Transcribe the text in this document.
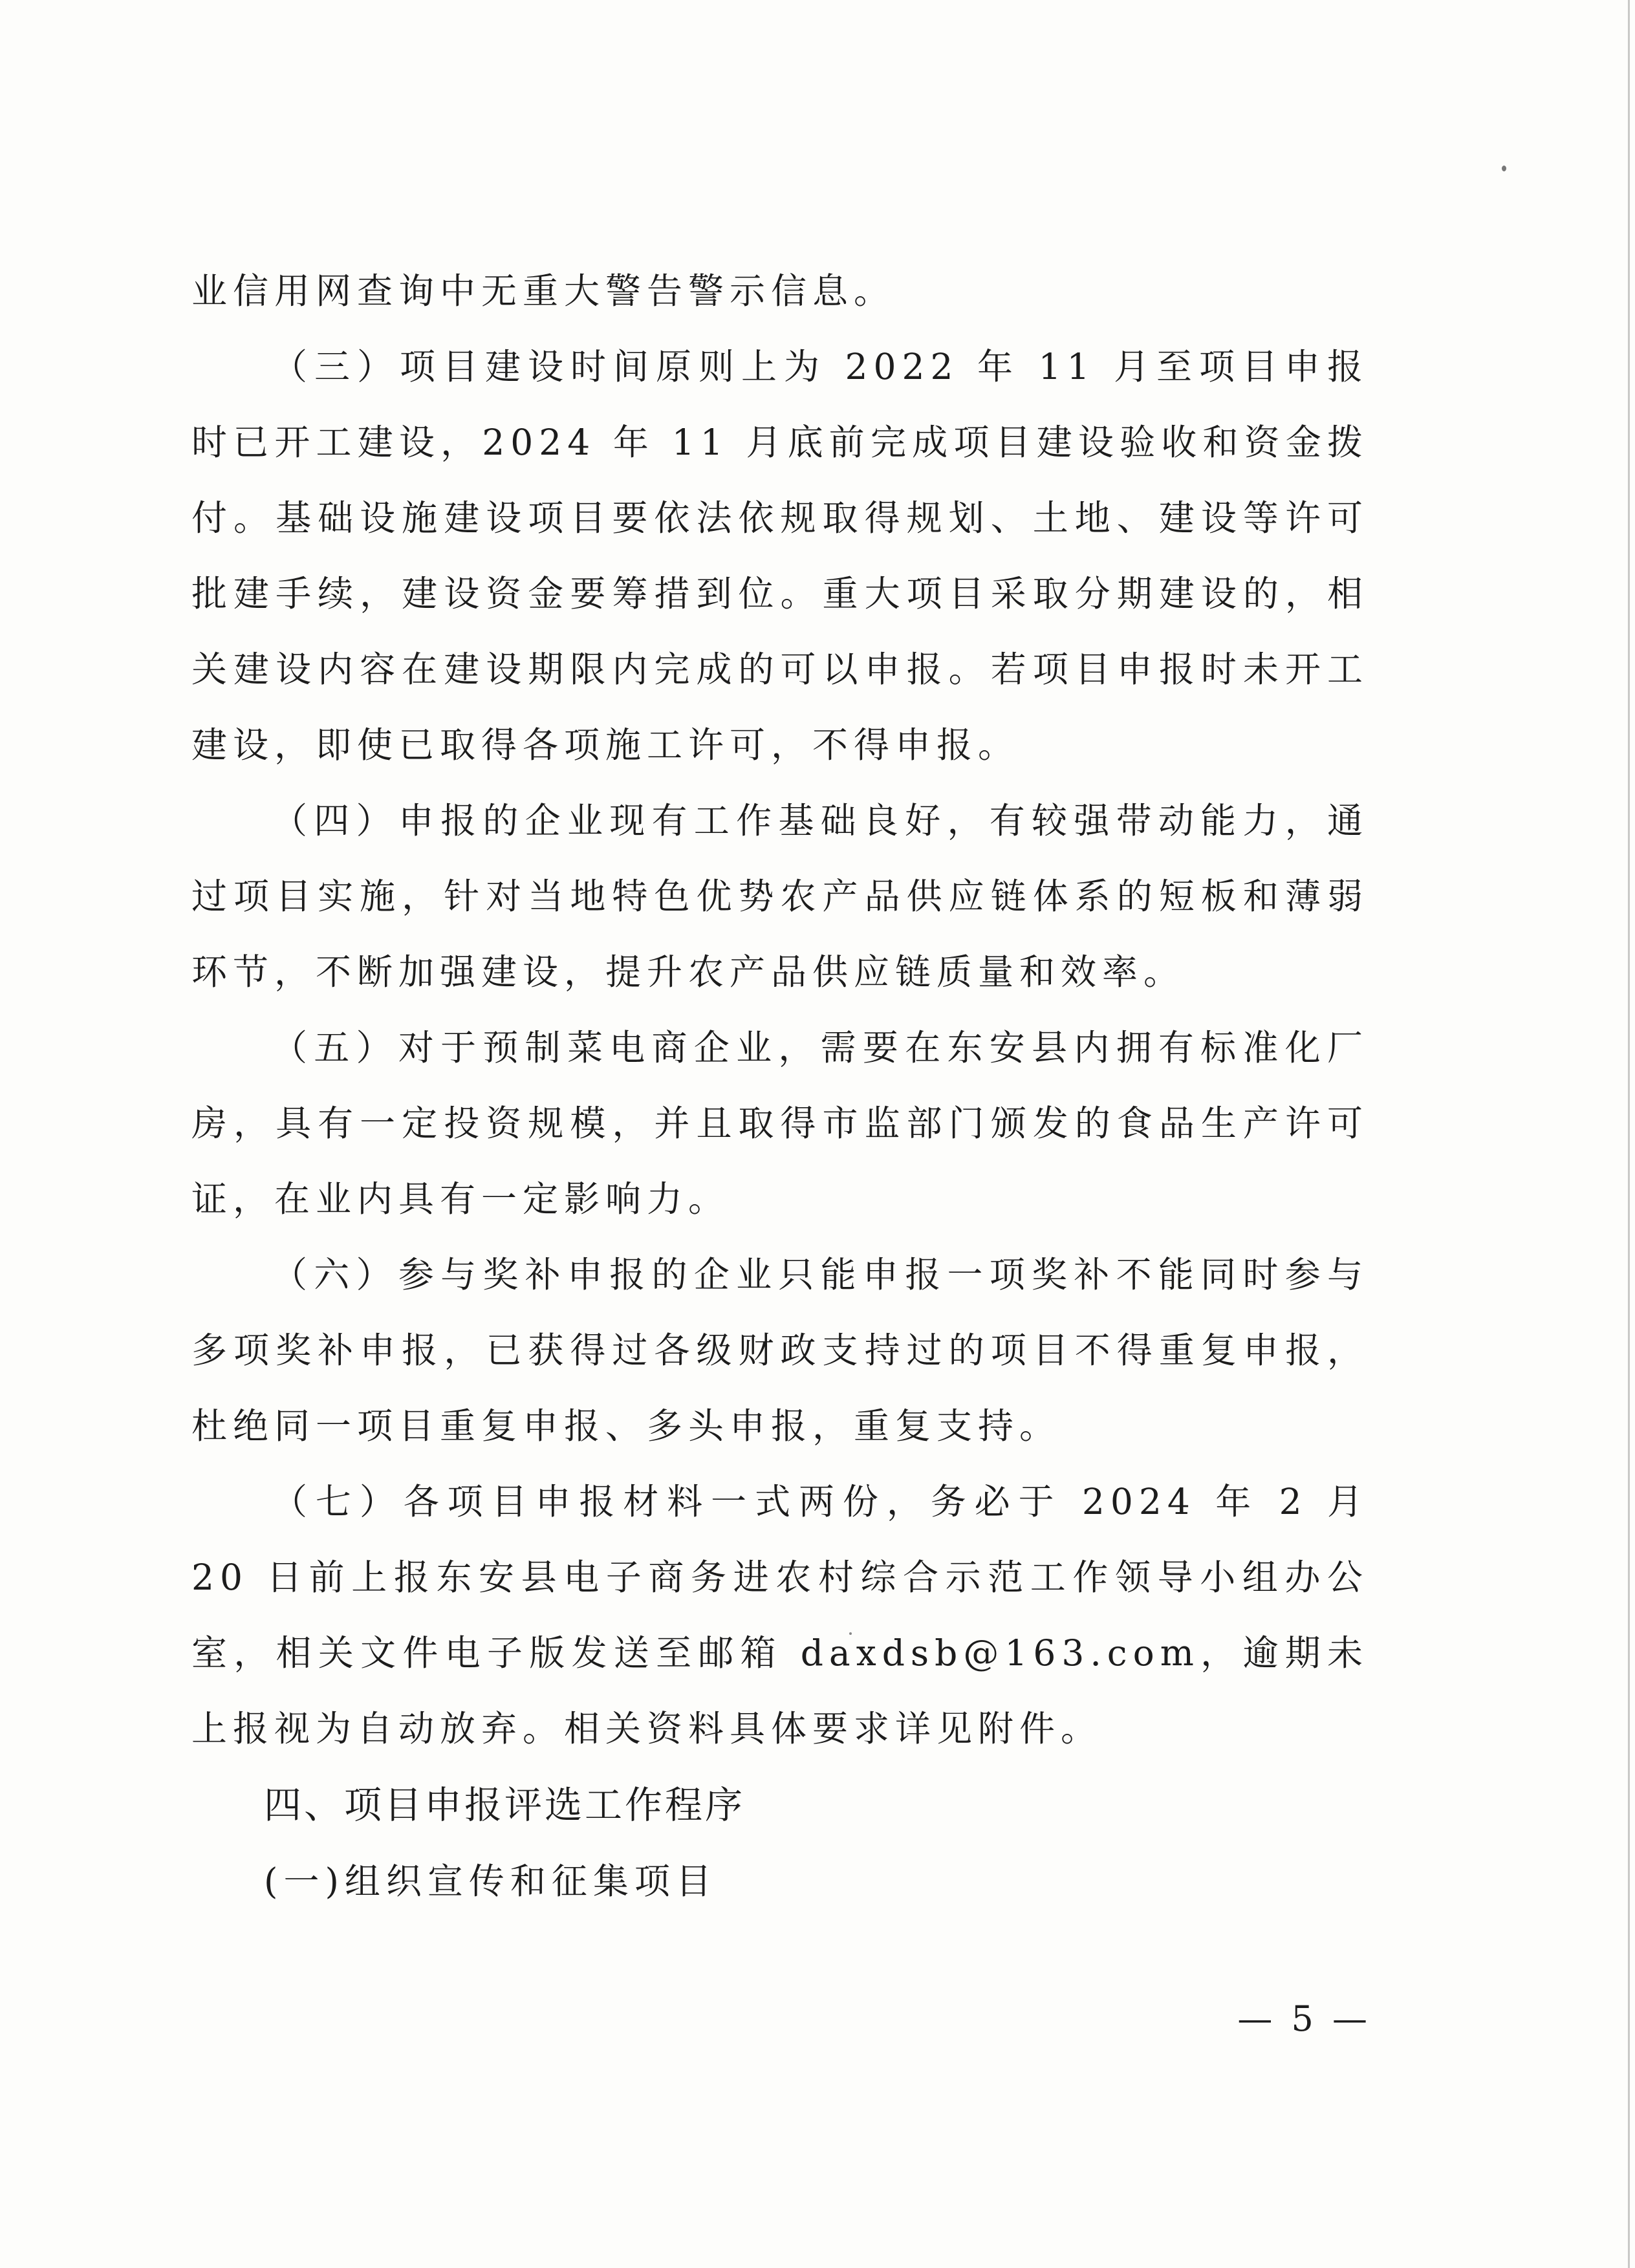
业信用网查询中无重大警告警示信息。

（三）项目建设时间原则上为 2022 年 11 月至项目申报时已开工建设，2024 年 11 月底前完成项目建设验收和资金拨付。基础设施建设项目要依法依规取得规划、土地、建设等许可批建手续，建设资金要筹措到位。重大项目采取分期建设的，相关建设内容在建设期限内完成的可以申报。若项目申报时未开工建设，即使已取得各项施工许可，不得申报。

（四）申报的企业现有工作基础良好，有较强带动能力，通过项目实施，针对当地特色优势农产品供应链体系的短板和薄弱环节，不断加强建设，提升农产品供应链质量和效率。

（五）对于预制菜电商企业，需要在东安县内拥有标准化厂房，具有一定投资规模，并且取得市监部门颁发的食品生产许可证，在业内具有一定影响力。

（六）参与奖补申报的企业只能申报一项奖补不能同时参与多项奖补申报，已获得过各级财政支持过的项目不得重复申报，杜绝同一项目重复申报、多头申报，重复支持。

（七）各项目申报材料一式两份，务必于 2024 年 2 月 20 日前上报东安县电子商务进农村综合示范工作领导小组办公室，相关文件电子版发送至邮箱 daxdsb@163.com，逾期未上报视为自动放弃。相关资料具体要求详见附件。

四、项目申报评选工作程序

(一)组织宣传和征集项目

— 5 —
